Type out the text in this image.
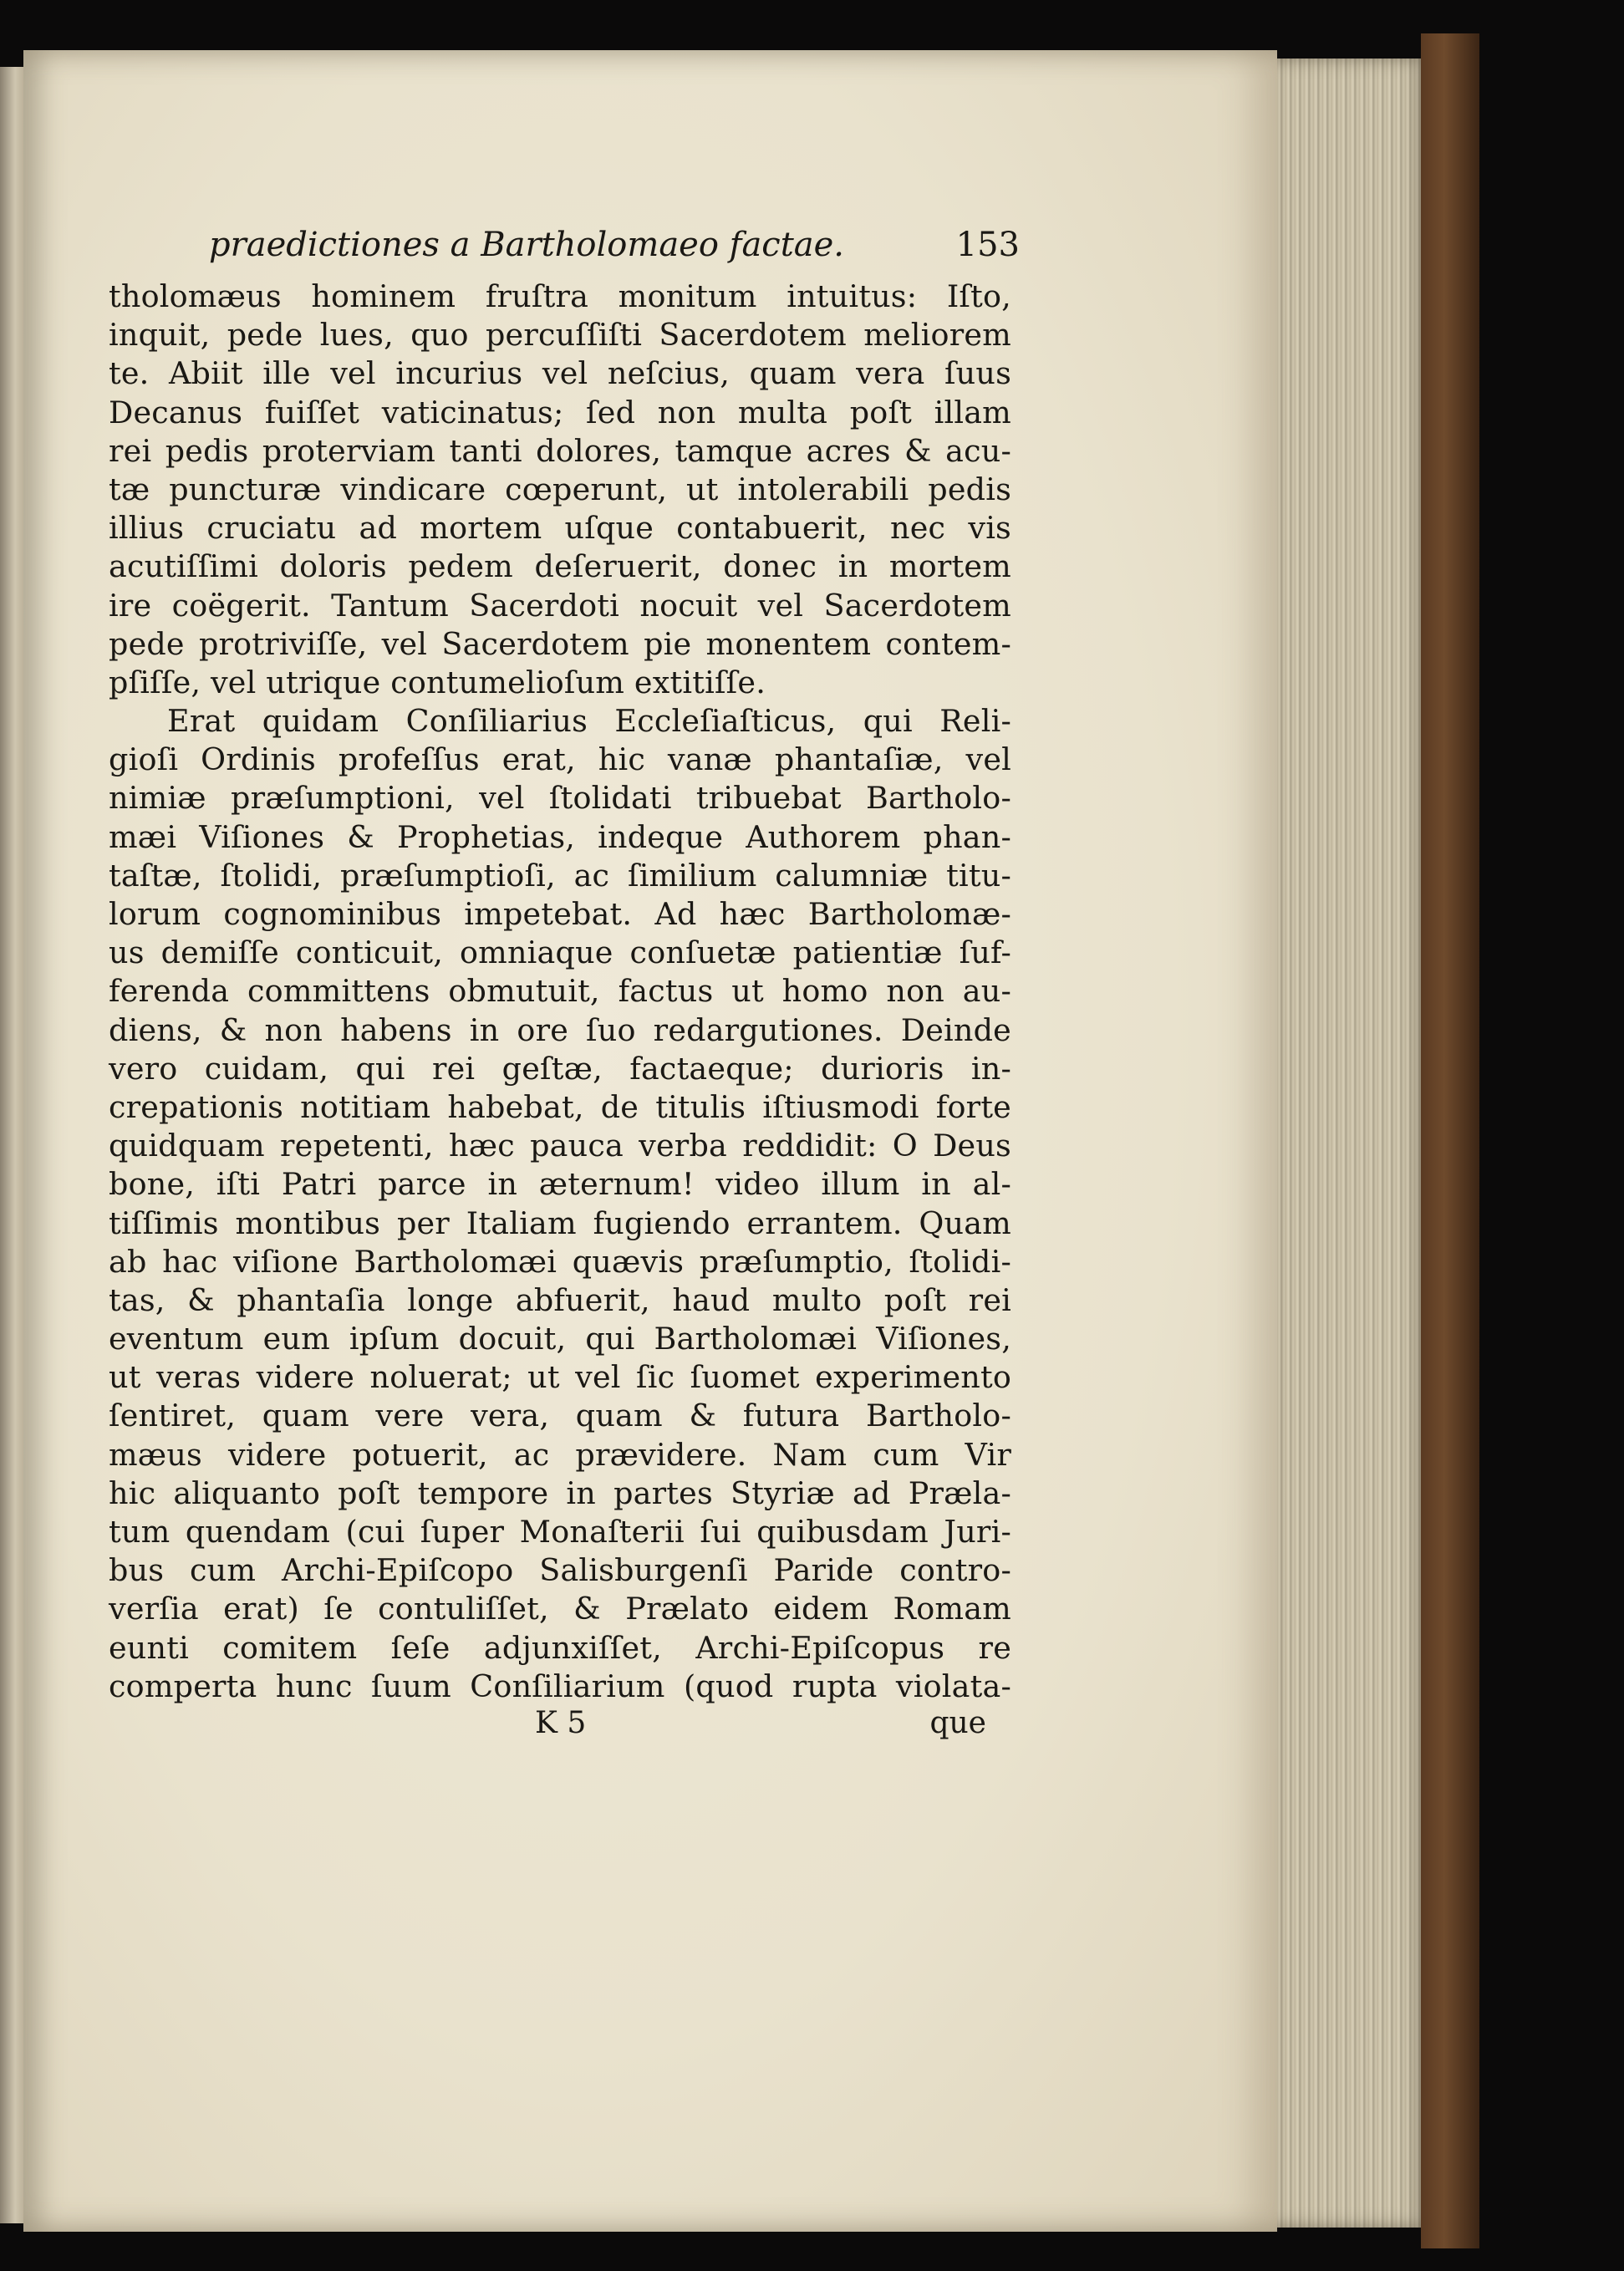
praedictiones a Bartholomaeo factae.	153
tholomæus hominem fruſtra monitum intuitus: Iſto,
inquit, pede lues, quo percuſſiſti Sacerdotem meliorem
te. Abiit ille vel incurius vel neſcius, quam vera ſuus
Decanus fuiſſet vaticinatus; ſed non multa poſt illam
rei pedis proterviam tanti dolores, tamque acres & acu-
tæ puncturæ vindicare cœperunt, ut intolerabili pedis
illius cruciatu ad mortem uſque contabuerit, nec vis
acutiſſimi doloris pedem deſeruerit, donec in mortem
ire coëgerit. Tantum Sacerdoti nocuit vel Sacerdotem
pede protriviſſe, vel Sacerdotem pie monentem contem-
pſiſſe, vel utrique contumelioſum extitiſſe.
Erat quidam Conſiliarius Eccleſiaſticus, qui Reli-
gioſi Ordinis profeſſus erat, hic vanæ phantaſiæ, vel
nimiæ præſumptioni, vel ſtolidati tribuebat Bartholo-
mæi Viſiones & Prophetias, indeque Authorem phan-
taſtæ, ſtolidi, præſumptioſi, ac ſimilium calumniæ titu-
lorum cognominibus impetebat. Ad hæc Bartholomæ-
us demiſſe conticuit, omniaque conſuetæ patientiæ ſuf-
ferenda committens obmutuit, factus ut homo non au-
diens, & non habens in ore ſuo redargutiones. Deinde
vero cuidam, qui rei geſtæ, factaeque; durioris in-
crepationis notitiam habebat, de titulis iſtiusmodi forte
quidquam repetenti, hæc pauca verba reddidit: O Deus
bone, iſti Patri parce in æternum! video illum in al-
tiſſimis montibus per Italiam fugiendo errantem. Quam
ab hac viſione Bartholomæi quævis præſumptio, ſtolidi-
tas, & phantaſia longe abfuerit, haud multo poſt rei
eventum eum ipſum docuit, qui Bartholomæi Viſiones,
ut veras videre noluerat; ut vel ſic ſuomet experimento
ſentiret, quam vere vera, quam & futura Bartholo-
mæus videre potuerit, ac prævidere. Nam cum Vir
hic aliquanto poſt tempore in partes Styriæ ad Præla-
tum quendam (cui ſuper Monaſterii ſui quibusdam Juri-
bus cum Archi-Epiſcopo Salisburgenſi Paride contro-
verſia erat) ſe contuliſſet, & Prælato eidem Romam
eunti comitem ſeſe adjunxiſſet, Archi-Epiſcopus re
comperta hunc ſuum Conſiliarium (quod rupta violata-
K 5	que
